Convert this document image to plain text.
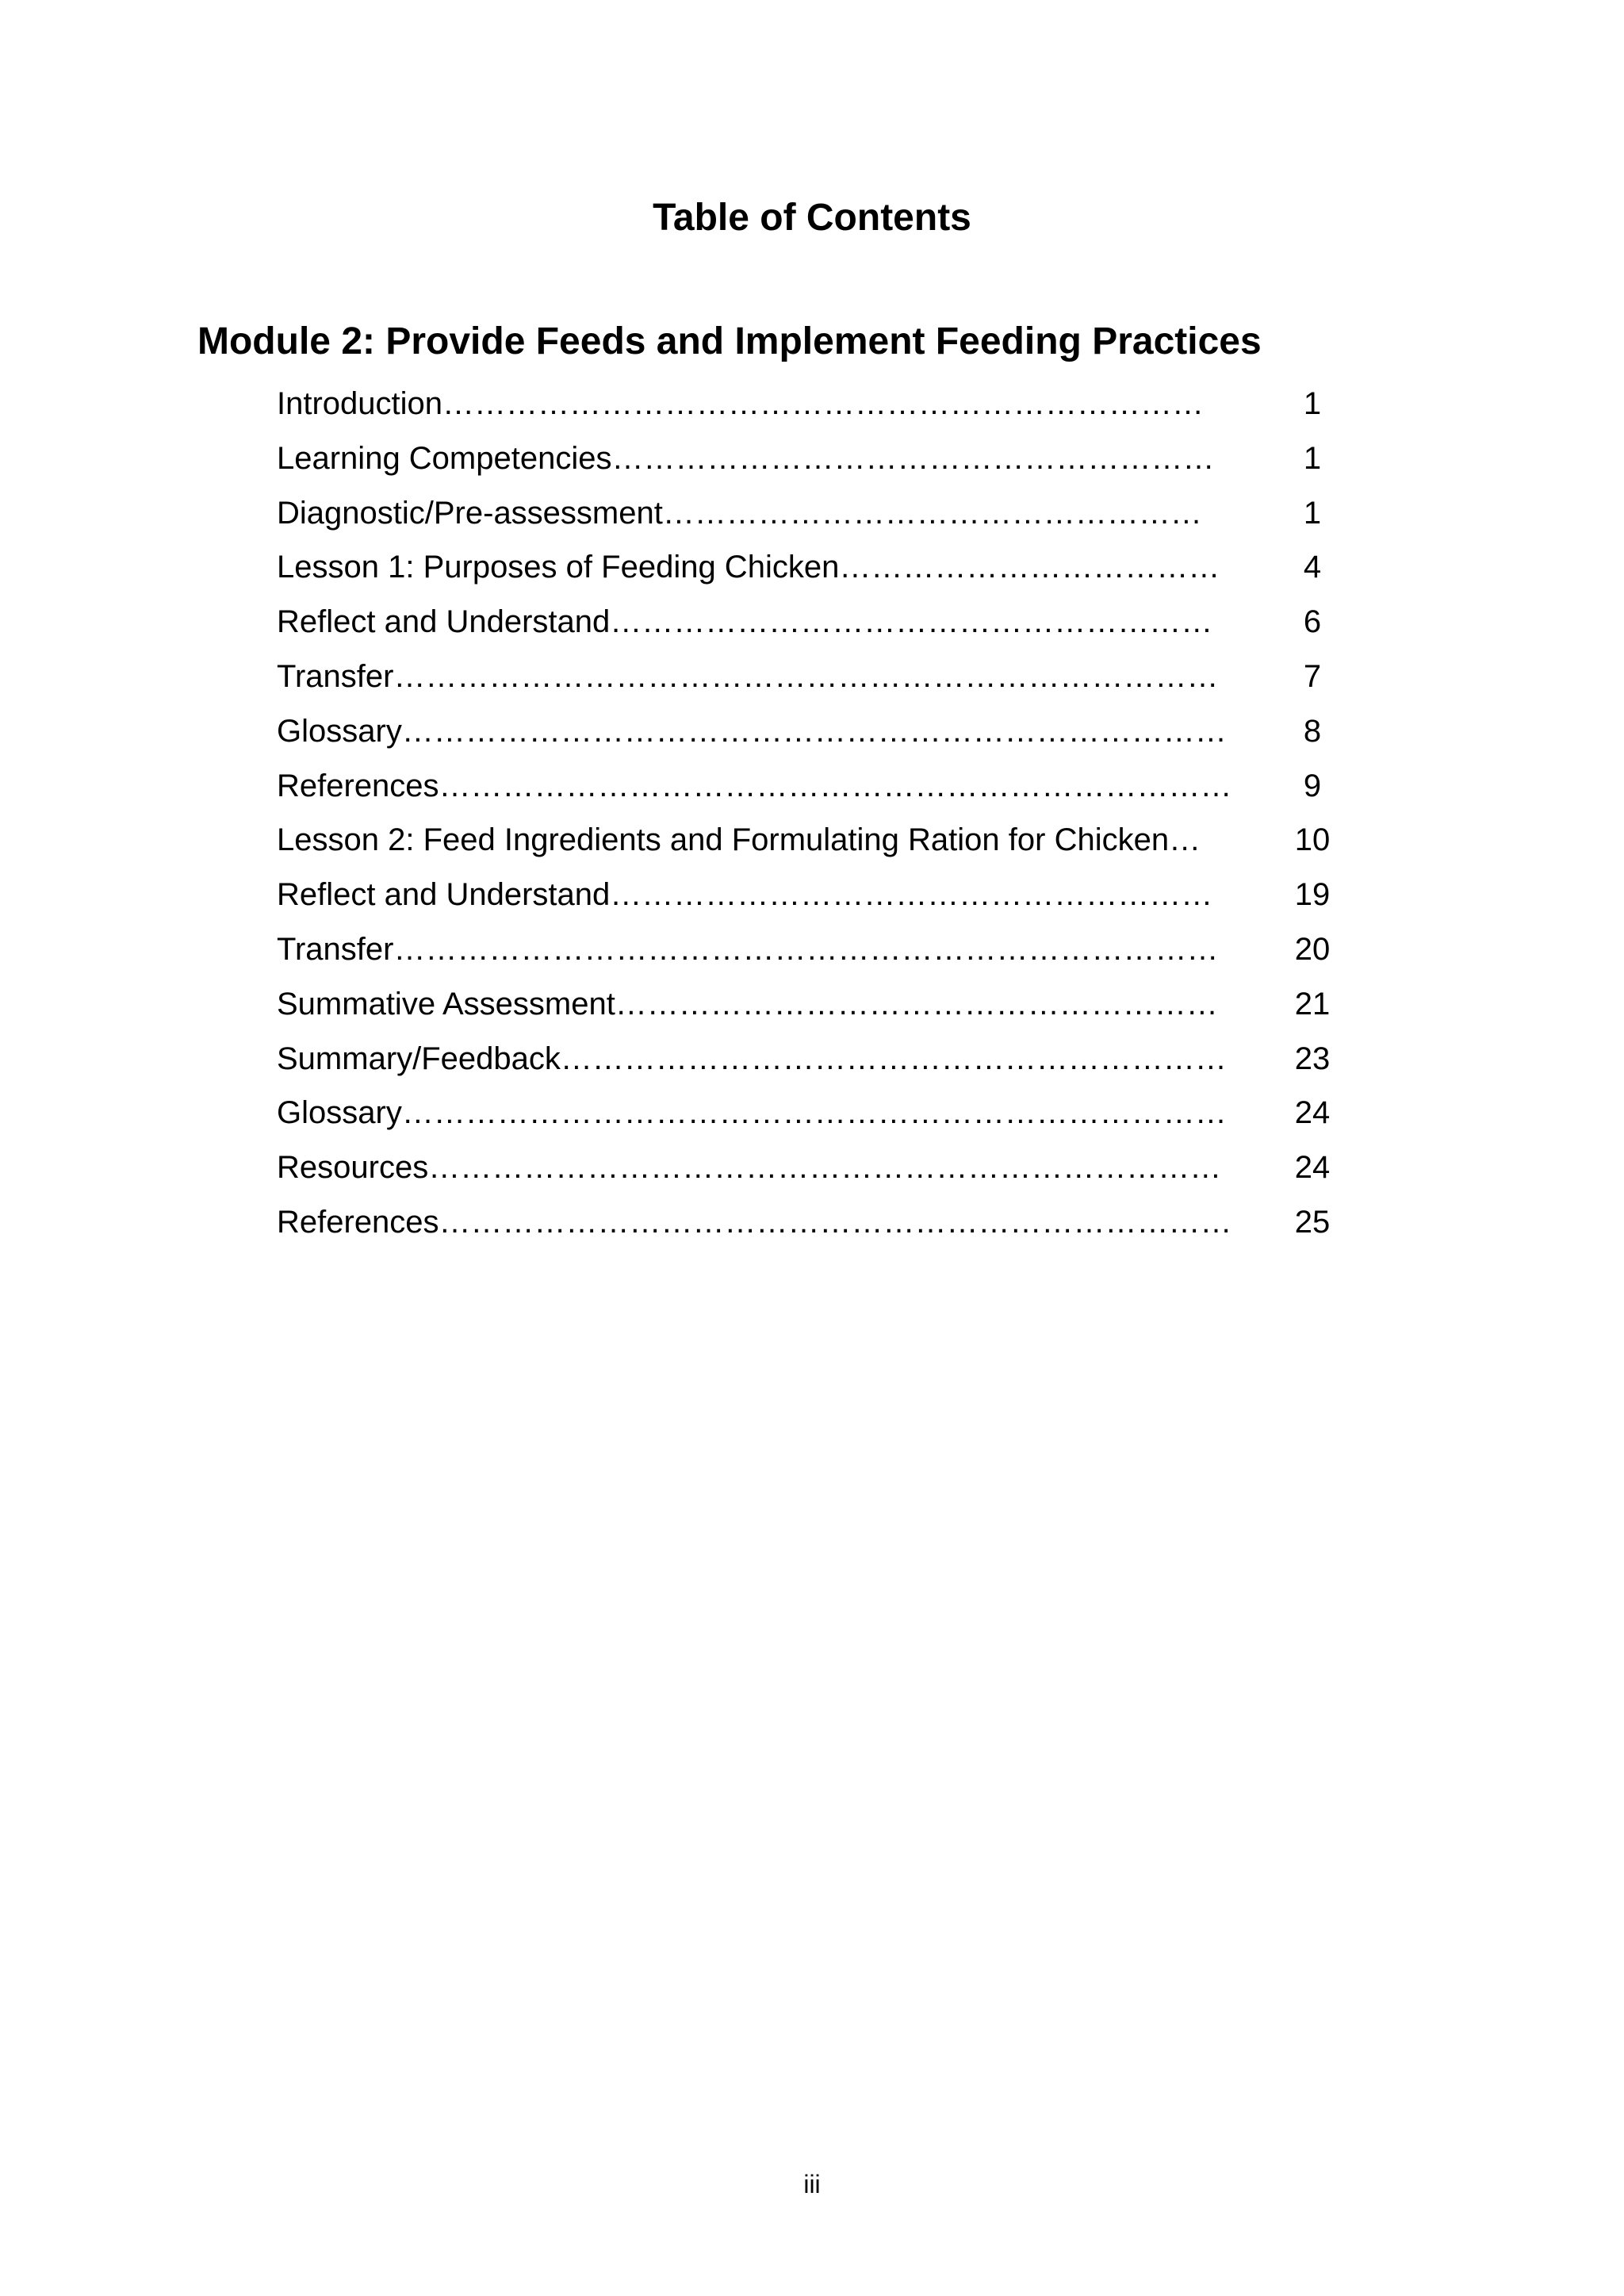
Table of Contents
Module 2: Provide Feeds and Implement Feeding Practices
Introduction………………………………………………………………	1
Learning Competencies…………………………………………………	1
Diagnostic/Pre-assessment……………………………………………	1
Lesson 1: Purposes of Feeding Chicken………………………………	4
Reflect and Understand…………………………………………………	6
Transfer……………………………………………………………………	7
Glossary……………………………………………………………………	8
References…………………………………………………………………	9
Lesson 2: Feed Ingredients and Formulating Ration for Chicken…	10
Reflect and Understand…………………………………………………	19
Transfer…………………………………………………………………… 20
Summative Assessment………………………………………………… 21
Summary/Feedback……………………………………………………… 23
Glossary…………………………………………………………………… 24
Resources………………………………………………………………… 24
References………………………………………………………………… 25
iii
